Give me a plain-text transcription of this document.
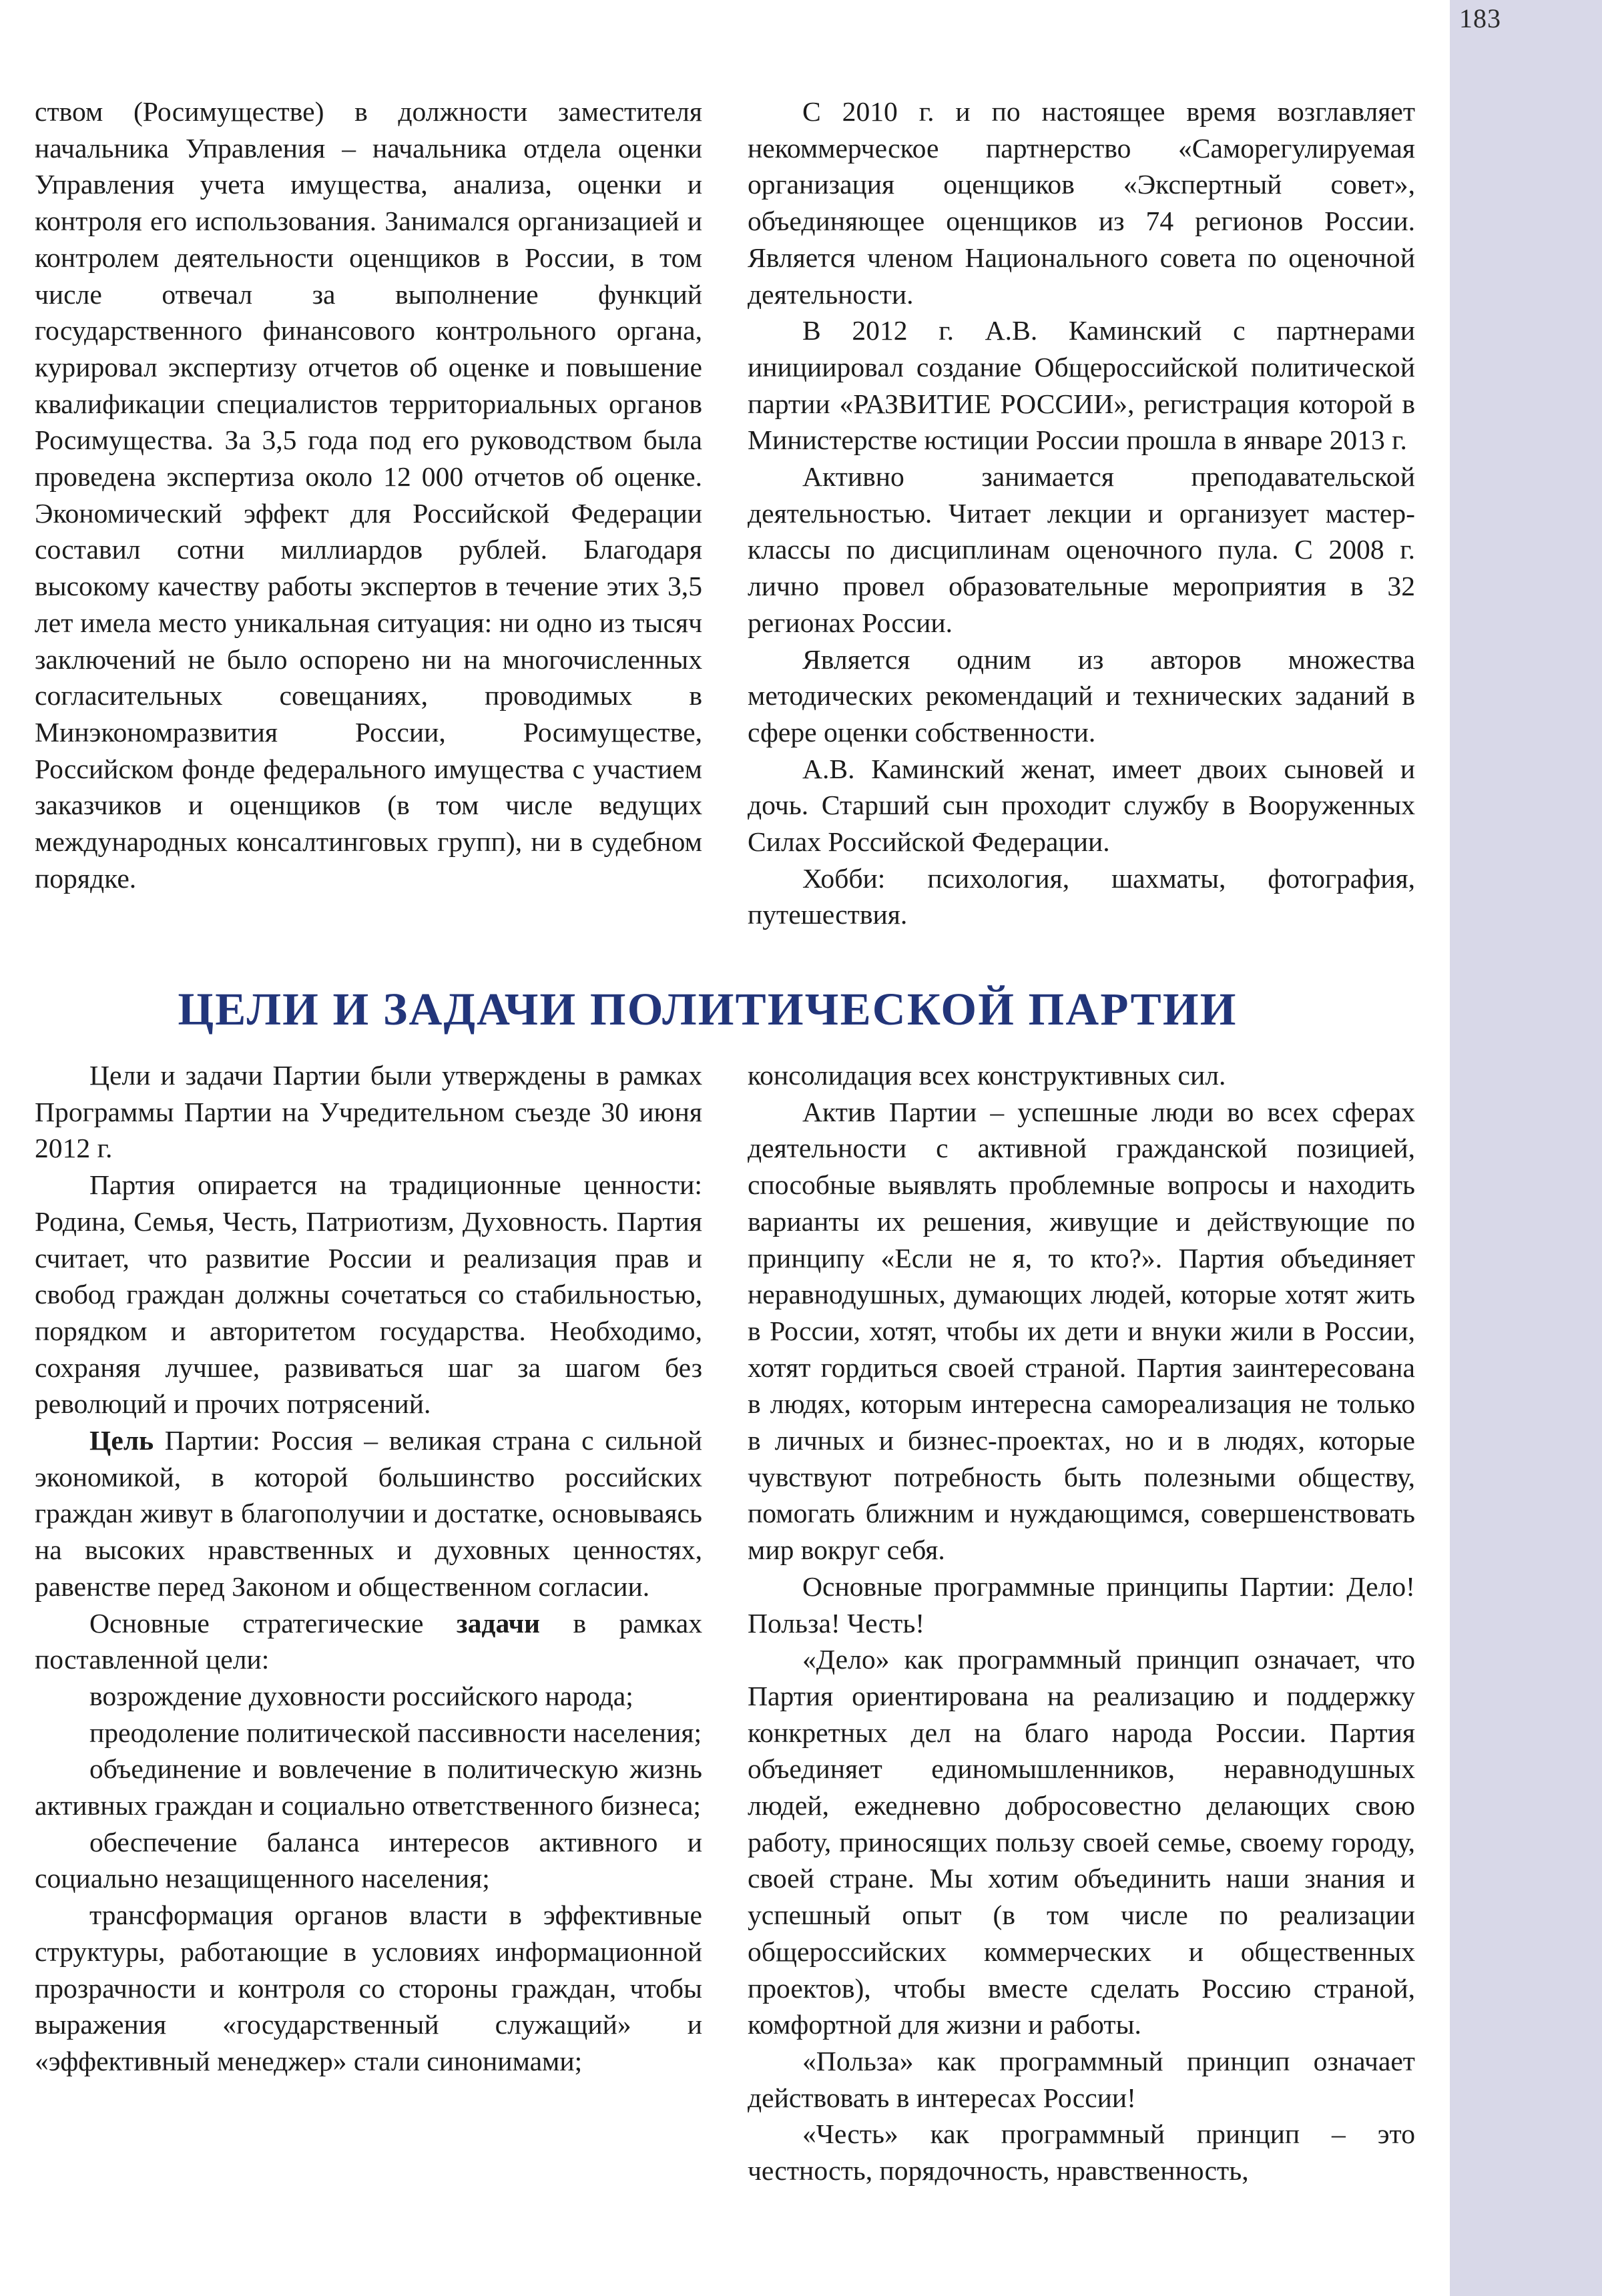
183

ством (Росимуществе) в должности заместителя начальника Управления – начальника отдела оценки Управления учета имущества, анализа, оценки и контроля его использования. Занимался организацией и контролем деятельности оценщиков в России, в том числе отвечал за выполнение функций государственного финансового контрольного органа, курировал экспертизу отчетов об оценке и повышение квалификации специалистов территориальных органов Росимущества. За 3,5 года под его руководством была проведена экспертиза около 12 000 отчетов об оценке. Экономический эффект для Российской Федерации составил сотни миллиардов рублей. Благодаря высокому качеству работы экспертов в течение этих 3,5 лет имела место уникальная ситуация: ни одно из тысяч заключений не было оспорено ни на многочисленных согласительных совещаниях, проводимых в Минэкономразвития России, Росимуществе, Российском фонде федерального имущества с участием заказчиков и оценщиков (в том числе ведущих международных консалтинговых групп), ни в судебном порядке.

С 2010 г. и по настоящее время возглавляет некоммерческое партнерство «Саморегулируемая организация оценщиков «Экспертный совет», объединяющее оценщиков из 74 регионов России. Является членом Национального совета по оценочной деятельности.

В 2012 г. А.В. Каминский с партнерами инициировал создание Общероссийской политической партии «РАЗВИТИЕ РОССИИ», регистрация которой в Министерстве юстиции России прошла в январе 2013 г.

Активно занимается преподавательской деятельностью. Читает лекции и организует мастер-классы по дисциплинам оценочного пула. С 2008 г. лично провел образовательные мероприятия в 32 регионах России.

Является одним из авторов множества методических рекомендаций и технических заданий в сфере оценки собственности.

А.В. Каминский женат, имеет двоих сыновей и дочь. Старший сын проходит службу в Вооруженных Силах Российской Федерации.

Хобби: психология, шахматы, фотография, путешествия.

ЦЕЛИ И ЗАДАЧИ ПОЛИТИЧЕСКОЙ ПАРТИИ

Цели и задачи Партии были утверждены в рамках Программы Партии на Учредительном съезде 30 июня 2012 г.

Партия опирается на традиционные ценности: Родина, Семья, Честь, Патриотизм, Духовность. Партия считает, что развитие России и реализация прав и свобод граждан должны сочетаться со стабильностью, порядком и авторитетом государства. Необходимо, сохраняя лучшее, развиваться шаг за шагом без революций и прочих потрясений.

Цель Партии: Россия – великая страна с сильной экономикой, в которой большинство российских граждан живут в благополучии и достатке, основываясь на высоких нравственных и духовных ценностях, равенстве перед Законом и общественном согласии.

Основные стратегические задачи в рамках поставленной цели:

возрождение духовности российского народа;

преодоление политической пассивности населения;

объединение и вовлечение в политическую жизнь активных граждан и социально ответственного бизнеса;

обеспечение баланса интересов активного и социально незащищенного населения;

трансформация органов власти в эффективные структуры, работающие в условиях информационной прозрачности и контроля со стороны граждан, чтобы выражения «государственный служащий» и «эффективный менеджер» стали синонимами;

консолидация всех конструктивных сил.

Актив Партии – успешные люди во всех сферах деятельности с активной гражданской позицией, способные выявлять проблемные вопросы и находить варианты их решения, живущие и действующие по принципу «Если не я, то кто?». Партия объединяет неравнодушных, думающих людей, которые хотят жить в России, хотят, чтобы их дети и внуки жили в России, хотят гордиться своей страной. Партия заинтересована в людях, которым интересна самореализация не только в личных и бизнес-проектах, но и в людях, которые чувствуют потребность быть полезными обществу, помогать ближним и нуждающимся, совершенствовать мир вокруг себя.

Основные программные принципы Партии: Дело! Польза! Честь!

«Дело» как программный принцип означает, что Партия ориентирована на реализацию и поддержку конкретных дел на благо народа России. Партия объединяет единомышленников, неравнодушных людей, ежедневно добросовестно делающих свою работу, приносящих пользу своей семье, своему городу, своей стране. Мы хотим объединить наши знания и успешный опыт (в том числе по реализации общероссийских коммерческих и общественных проектов), чтобы вместе сделать Россию страной, комфортной для жизни и работы.

«Польза» как программный принцип означает действовать в интересах России!

«Честь» как программный принцип – это честность, порядочность, нравственность,
